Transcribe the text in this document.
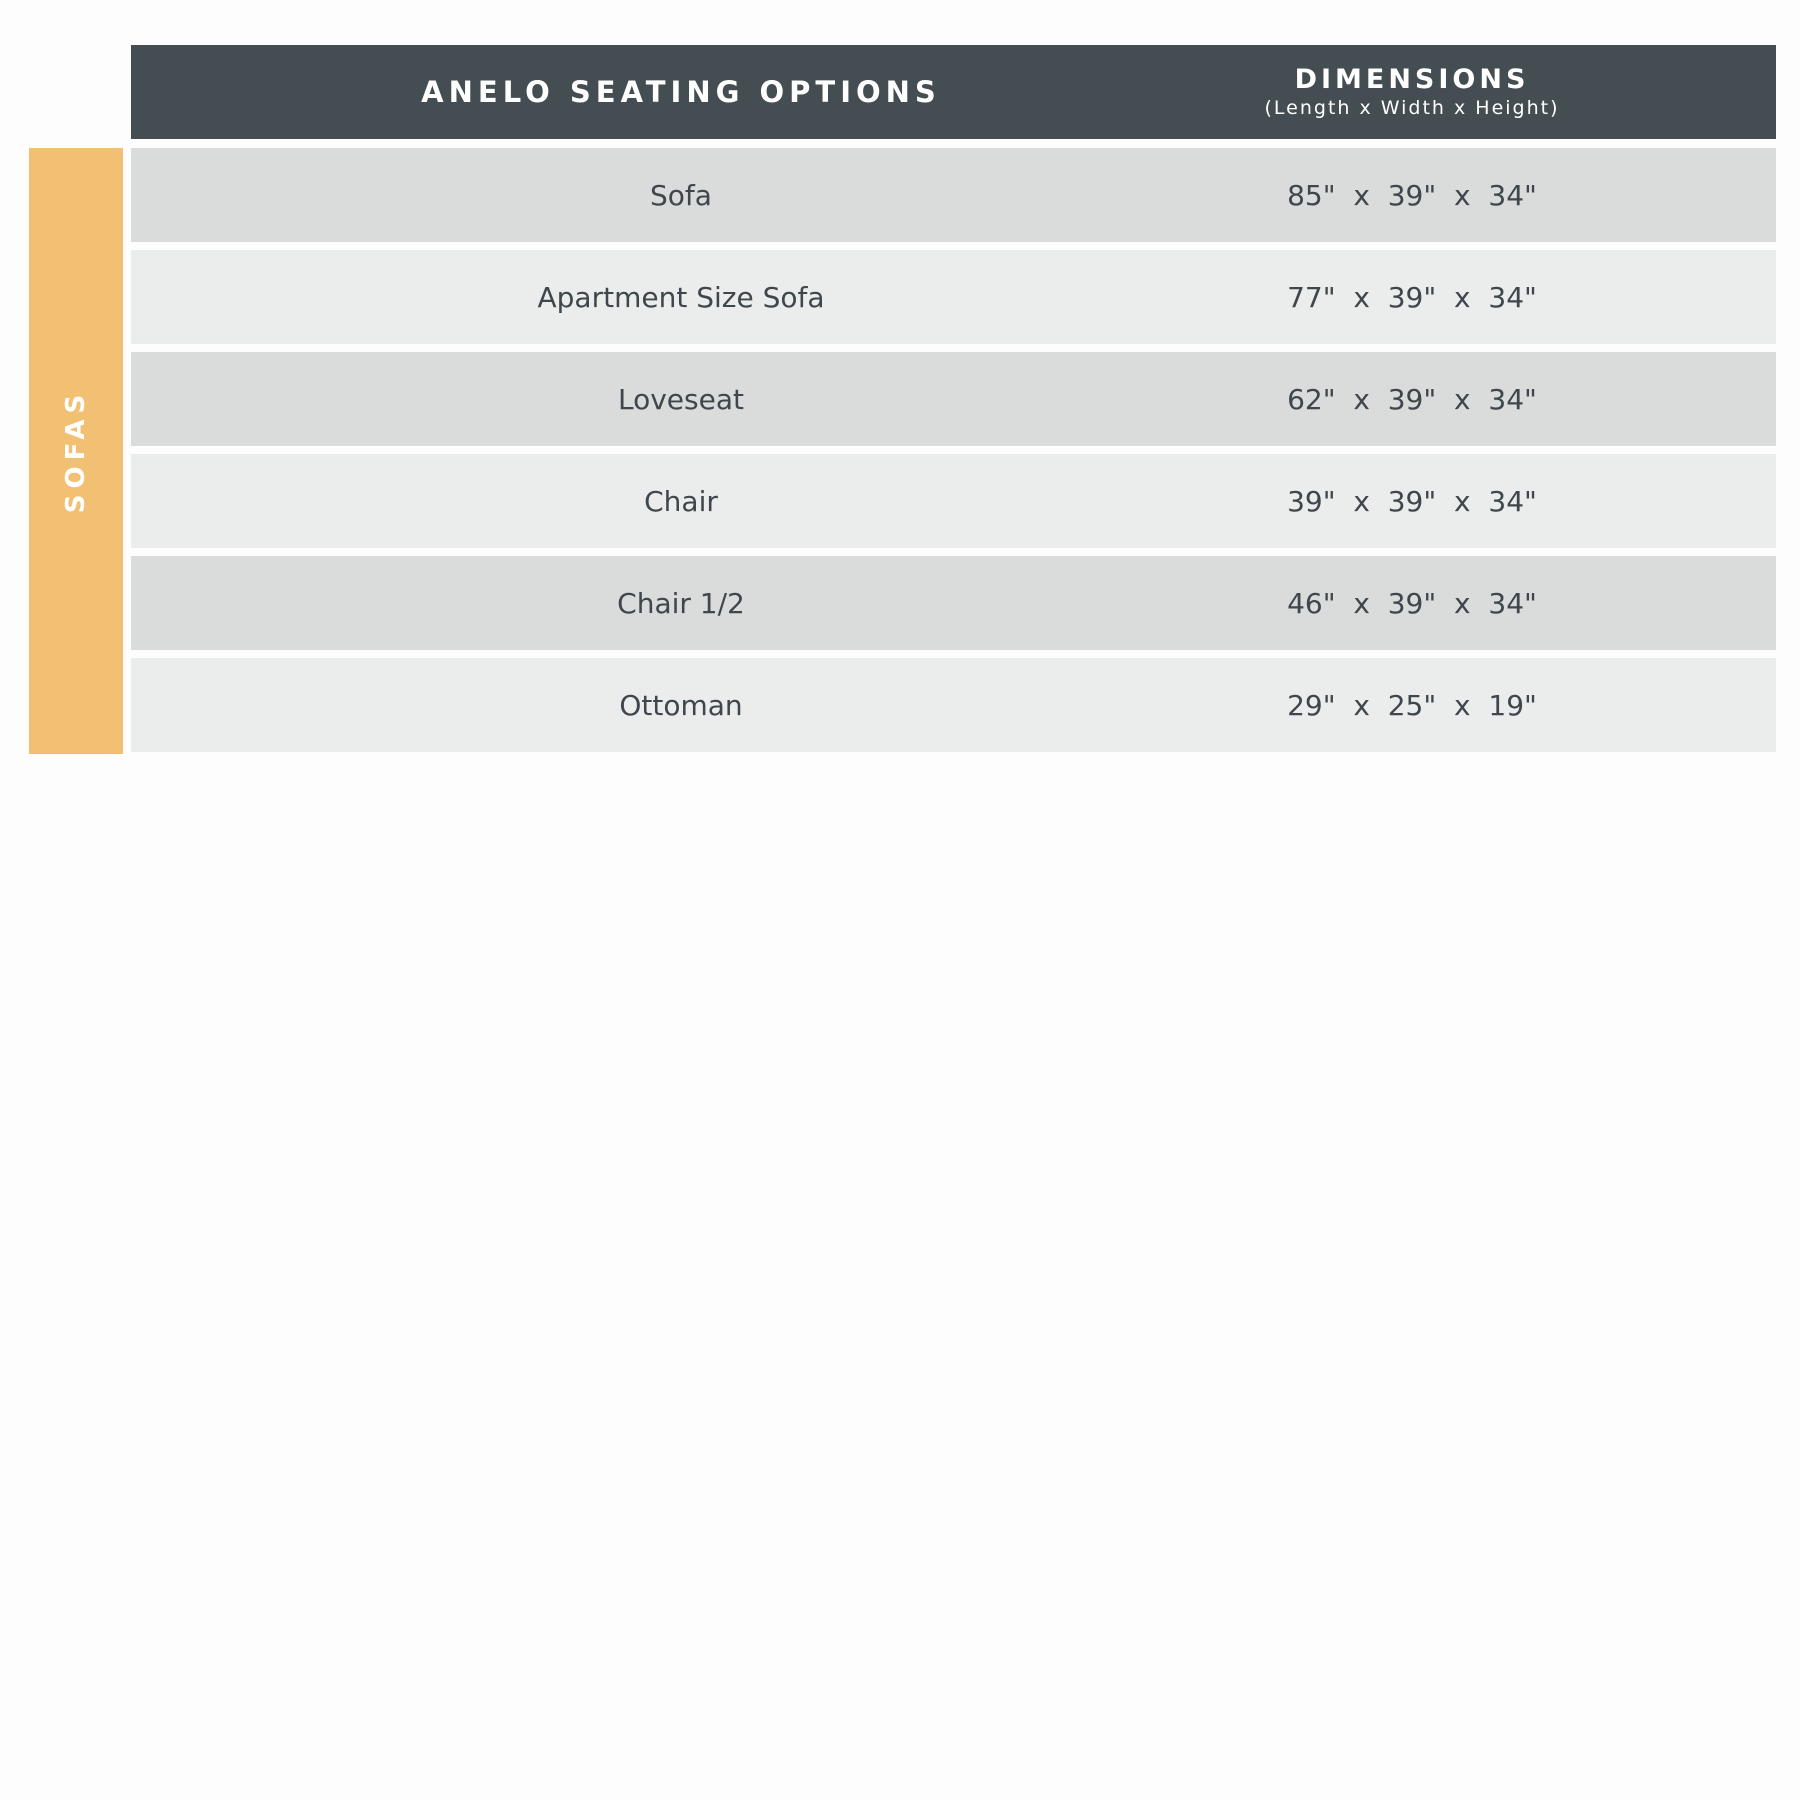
ANELO SEATING OPTIONS	DIMENSIONS
(Length x Width x Height)
SOFAS
Sofa	85"  x  39"  x  34"
Apartment Size Sofa	77"  x  39"  x  34"
Loveseat	62"  x  39"  x  34"
Chair	39"  x  39"  x  34"
Chair 1/2	46"  x  39"  x  34"
Ottoman	29"  x  25"  x  19"
